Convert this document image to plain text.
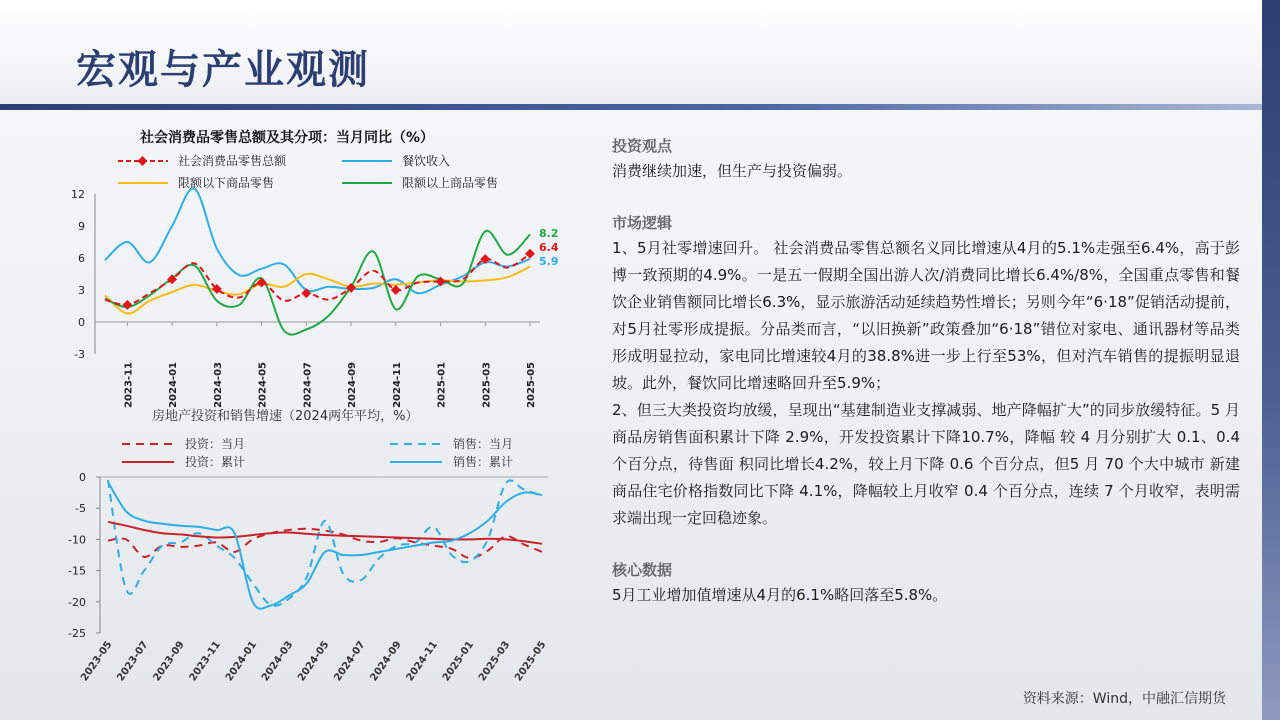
宏观与产业观测
社会消费品零售总额及其分项：当月同比（%）
社会消费品零售总额	餐饮收入
限额以下商品零售	限额以上商品零售
12
9
6
3
0
-3
2023-11	2024-01	2024-03	2024-05	2024-07	2024-09	2024-11	2025-01	2025-03	2025-05
8.2
6.4
5.9
房地产投资和销售增速（2024两年平均，%）
投资：当月	销售：当月
投资：累计	销售：累计
0
-5
-10
-15
-20
-25
2023-05 2023-07 2023-09 2023-11 2024-01 2024-03 2024-05 2024-07 2024-09 2024-11 2025-01 2025-03 2025-05

投资观点

消费继续加速，但生产与投资偏弱。

市场逻辑

1、5月社零增速回升。 社会消费品零售总额名义同比增速从4月的5.1%走强至6.4%，高于彭博一致预期的4.9%。一是五一假期全国出游人次/消费同比增长6.4%/8%，全国重点零售和餐饮企业销售额同比增长6.3%，显示旅游活动延续趋势性增长；另则今年“6·18”促销活动提前，对5月社零形成提振。分品类而言，“以旧换新”政策叠加“6·18”错位对家电、通讯器材等品类形成明显拉动，家电同比增速较4月的38.8%进一步上行至53%，但对汽车销售的提振明显退坡。此外，餐饮同比增速略回升至5.9%；

2、但三大类投资均放缓，呈现出“基建制造业支撑减弱、地产降幅扩大”的同步放缓特征。5 月商品房销售面积累计下降 2.9%，开发投资累计下降10.7%，降幅 较 4 月分别扩大 0.1、0.4 个百分点，待售面 积同比增长4.2%，较上月下降 0.6 个百分点，但5 月 70 个大中城市 新建商品住宅价格指数同比下降 4.1%，降幅较上月收窄 0.4 个百分点，连续 7 个月收窄，表明需求端出现一定回稳迹象。

核心数据

5月工业增加值增速从4月的6.1%略回落至5.8%。

资料来源：Wind，中融汇信期货
